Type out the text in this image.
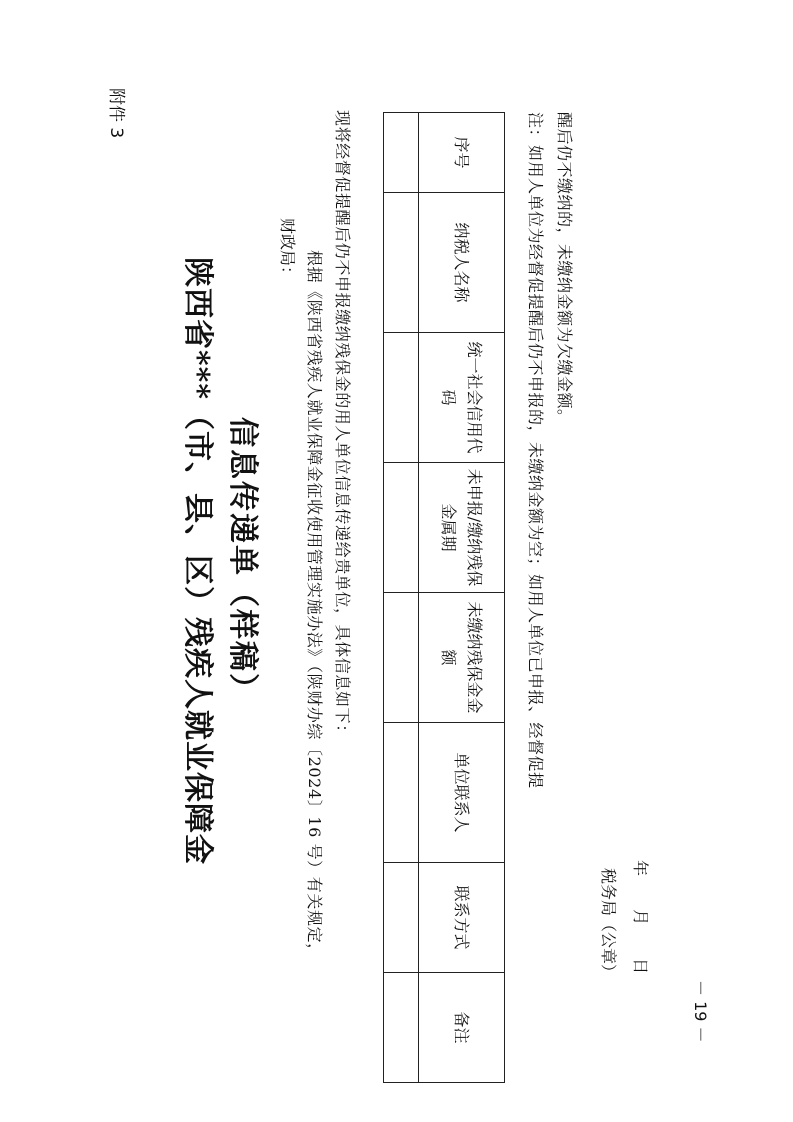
附件 3
陕西省***（市、县、区）残疾人就业保障金 信息传递单（样稿）
财政局： 根据《陕西省残疾人就业保障金征收使用管理实施办法》（陕财办综〔2024〕16 号）有关规定， 现将经督促提醒后仍不申报缴纳残保金的用人单位信息传递给贵单位，具体信息如下：	序号	纳税人名称	统一社会信用代码	未申报/缴纳残保金属期	未缴纳残保金金额	单位联系人	联系方式	备注

注：如用人单位为经督促提醒后仍不申报的，未缴纳金额为空；如用人单位已申报、经督促提 醒后仍不缴纳的，未缴纳金额为欠缴金额。
税务局（公章） 年 月 日
－ 19 －
